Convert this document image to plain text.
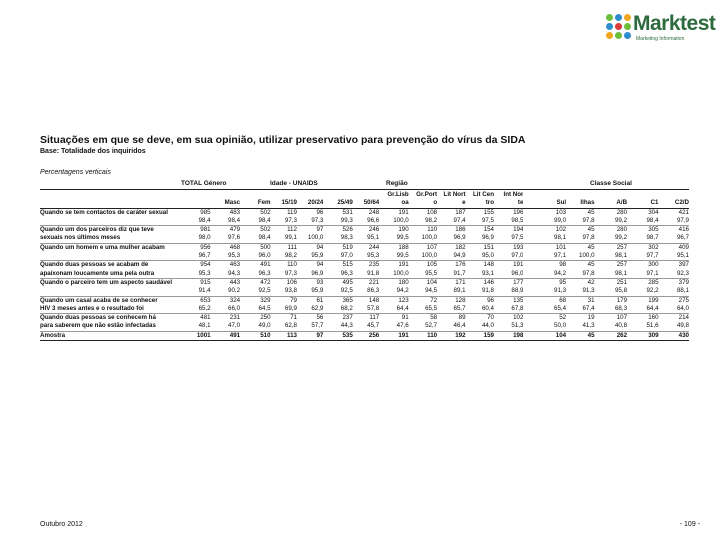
Marktest
Marketing Information
Situações em que se deve, em sua opinião, utilizar preservativo para prevenção do vírus da SIDA
Base: Totalidade dos inquiridos
Percentagens verticais
TOTAL Género	Idade - UNAIDS	Região	Classe Social
								Gr.Lisb	Gr.Port	Lit Nort	Lit Cen	Int Nor					
		Masc	Fem	15/19	20/24	25/49	50/64	oa	o	e	tro	te	Sul	Ilhas	A/B	C1	C2/D
Quando se tem contactos de caráter sexual	985	483	502	119	96	531	248	191	108	187	155	196	103	45	280	304	421
	98,4	98,4	98,4	97,3	97,3	99,3	96,6	100,0	98,2	97,4	97,5	98,5	99,0	97,8	99,2	98,4	97,9
Quando um dos parceiros diz que teve	981	479	502	112	97	526	246	190	110	186	154	194	102	45	280	305	416
sexuais nos últimos meses	98,0	97,6	98,4	99,1	100,0	98,3	95,1	99,5	100,0	96,9	96,9	97,5	98,1	97,8	99,2	98,7	96,7
Quando um homem e uma mulher acabam	956	468	500	111	94	519	244	188	107	182	151	193	101	45	257	302	409
	96,7	95,3	96,0	98,2	95,9	97,0	95,3	99,5	100,0	94,9	95,0	97,0	97,1	100,0	98,1	97,7	95,1
Quando duas pessoas se acabam de	954	463	491	110	94	515	235	191	105	176	148	191	98	45	257	300	397
apaixonam loucamente uma pela outra	95,3	94,3	96,3	97,3	96,9	96,3	91,8	100,0	95,5	91,7	93,1	96,0	94,2	97,8	98,1	97,1	92,3
Quando o parceiro tem um aspecto saudável	915	443	472	106	93	495	221	180	104	171	146	177	95	42	251	285	379
	91,4	90,2	92,5	93,8	95,9	92,5	86,3	94,2	94,5	89,1	91,8	88,9	91,3	91,3	95,8	92,2	88,1
Quando um casal acaba de se conhecer	653	324	329	79	61	365	148	123	72	128	96	135	68	31	179	199	275
HIV 3 meses antes e o resultado foi	65,2	66,0	64,5	69,9	62,9	68,2	57,8	64,4	65,5	65,7	60,4	67,8	65,4	67,4	68,3	64,4	64,0
Quando duas pessoas se conhecem há	481	231	250	71	56	237	117	91	58	89	70	102	52	19	107	160	214
para saberem que não estão infectadas	48,1	47,0	49,0	62,8	57,7	44,3	45,7	47,6	52,7	46,4	44,0	51,3	50,0	41,3	40,8	51,6	49,8
Amostra	1001	491	510	113	97	535	256	191	110	192	159	198	104	45	262	309	430
Outubro 2012	- 109 -
